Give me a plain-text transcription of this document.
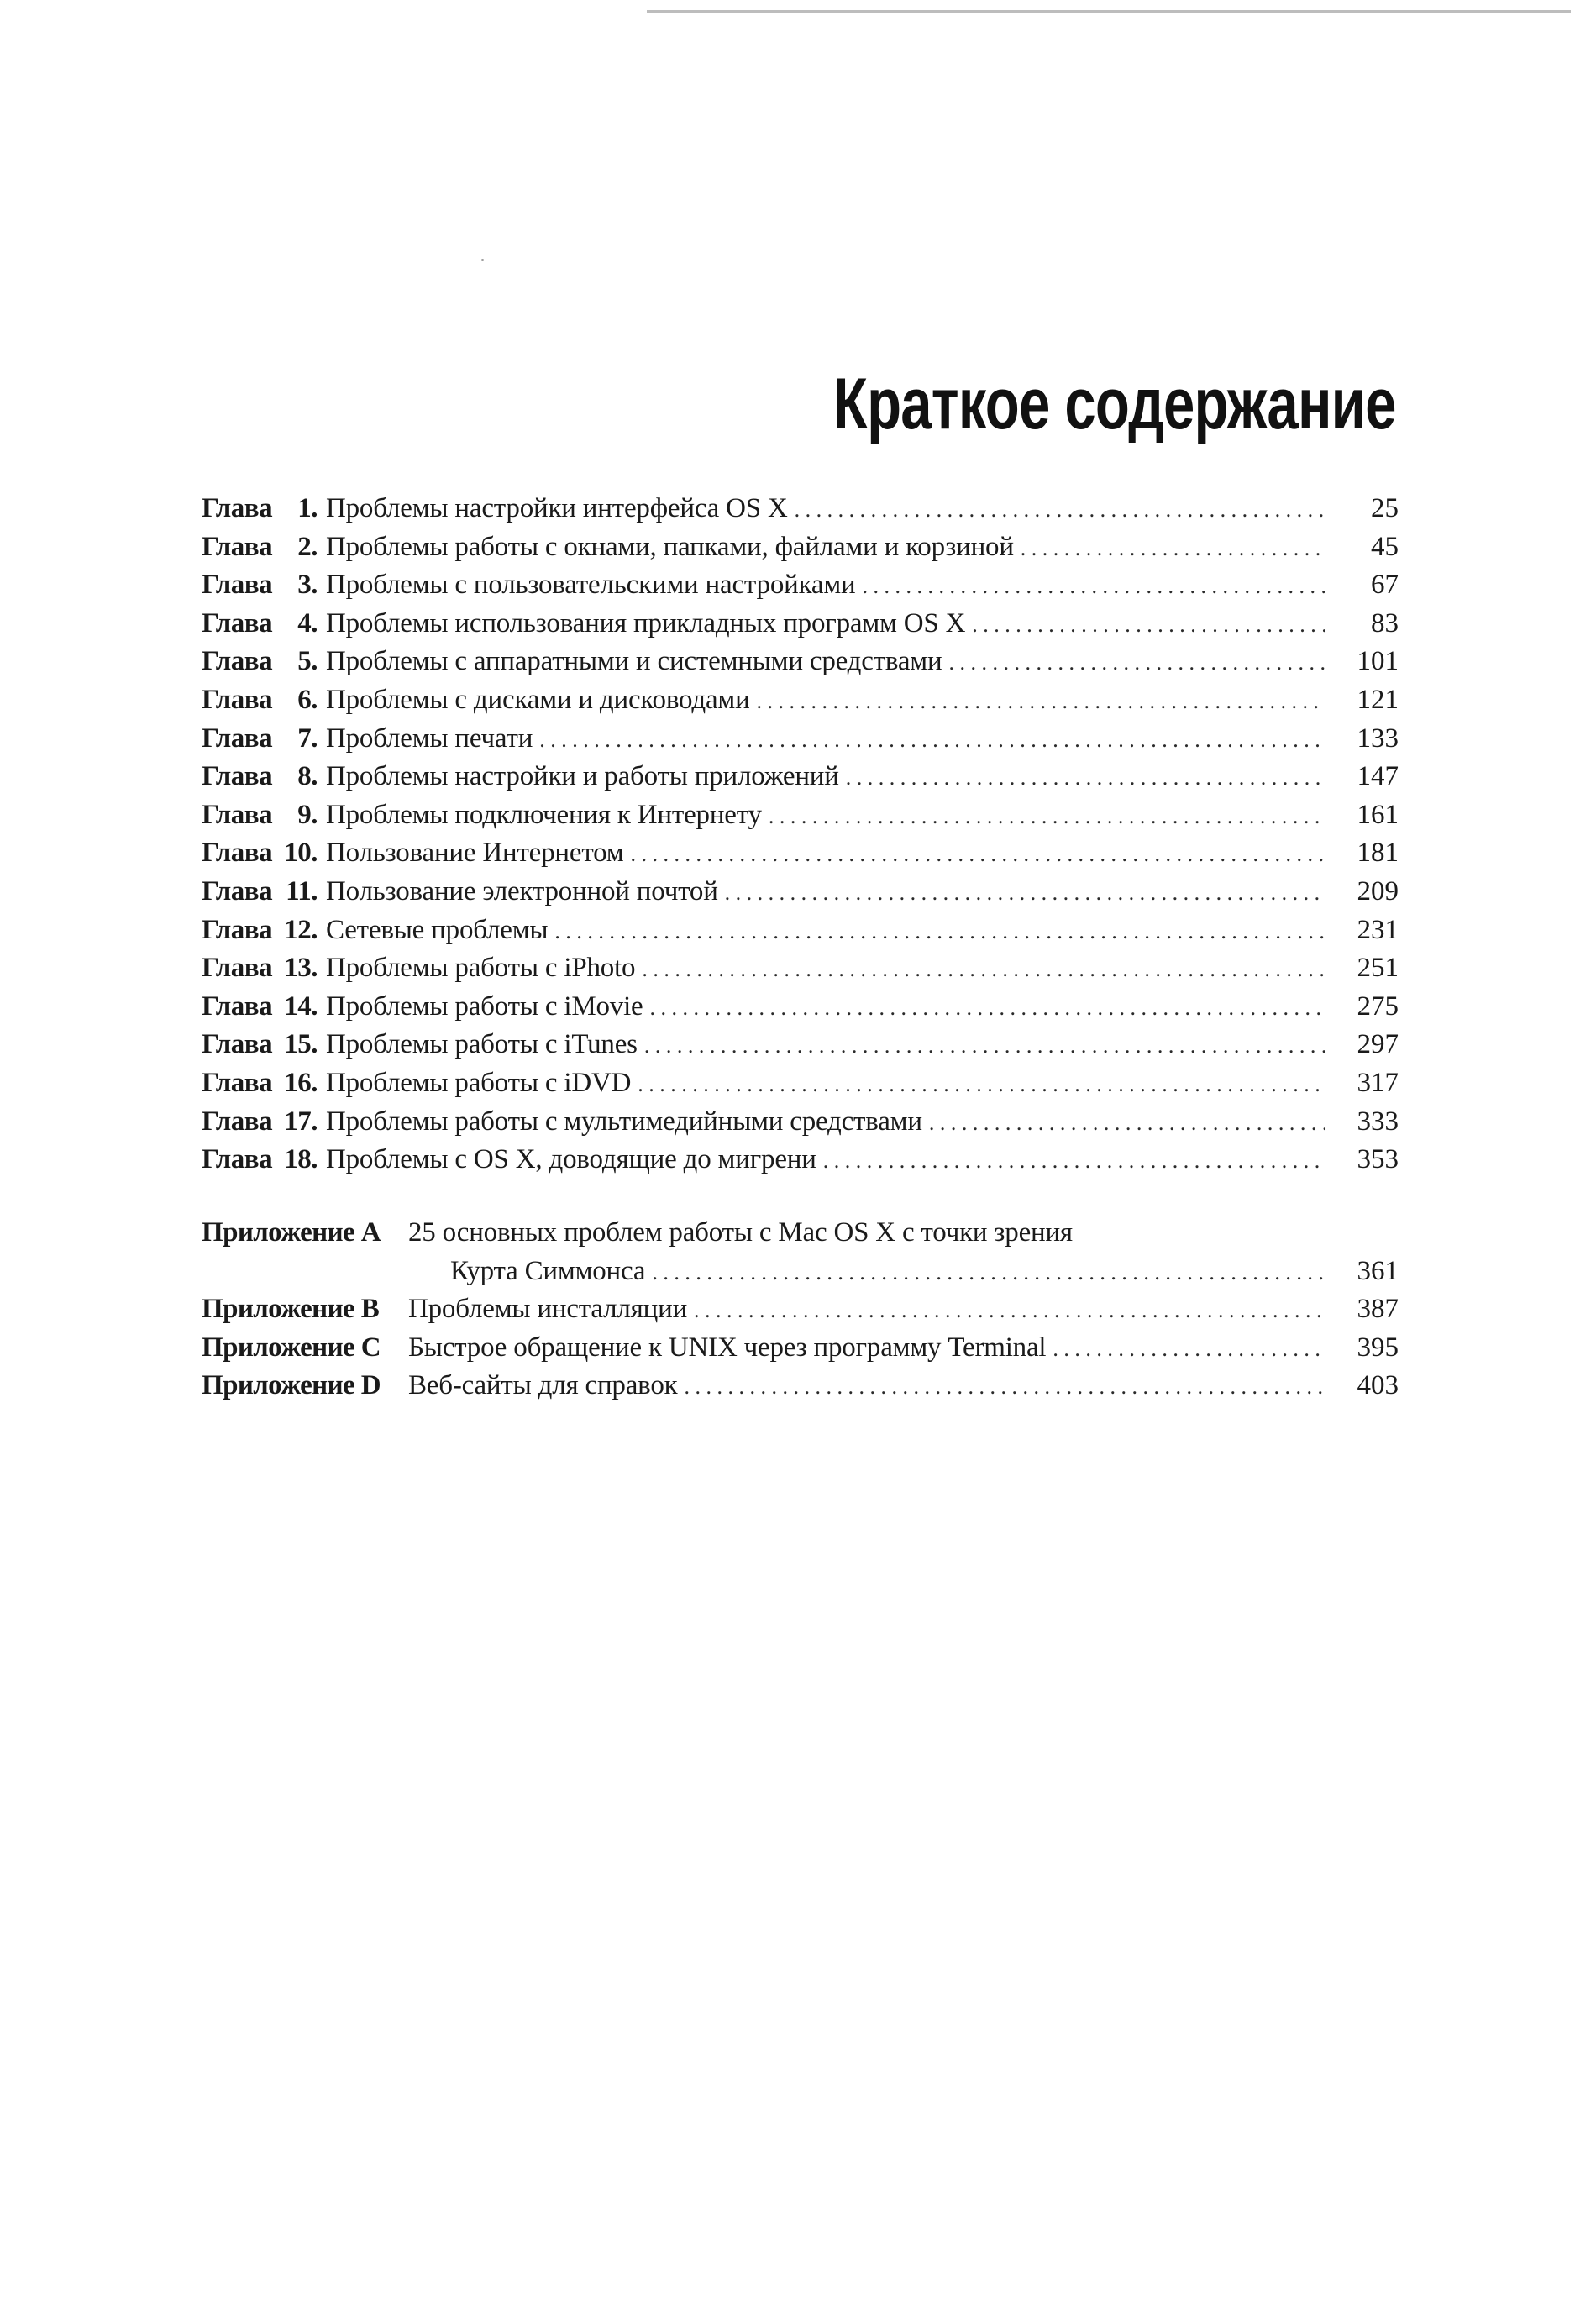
Краткое содержание
Глава 1. Проблемы настройки интерфейса OS X . . .	25
Глава 2. Проблемы работы с окнами, папками, файлами и корзиной . . .	45
Глава 3. Проблемы с пользовательскими настройками . . .	67
Глава 4. Проблемы использования прикладных программ OS X . . .	83
Глава 5. Проблемы с аппаратными и системными средствами . . .	101
Глава 6. Проблемы с дисками и дисководами . . .	121
Глава 7. Проблемы печати . . .	133
Глава 8. Проблемы настройки и работы приложений . . .	147
Глава 9. Проблемы подключения к Интернету . . .	161
Глава 10. Пользование Интернетом . . .	181
Глава 11. Пользование электронной почтой . . .	209
Глава 12. Сетевые проблемы . . .	231
Глава 13. Проблемы работы с iPhoto . . .	251
Глава 14. Проблемы работы с iMovie . . .	275
Глава 15. Проблемы работы с iTunes . . .	297
Глава 16. Проблемы работы с iDVD . . .	317
Глава 17. Проблемы работы с мультимедийными средствами . . .	333
Глава 18. Проблемы с OS X, доводящие до мигрени . . .	353
Приложение A	25 основных проблем работы с Mac OS X с точки зрения
Курта Симмонса . . .	361
Приложение B	Проблемы инсталляции . . .	387
Приложение C	Быстрое обращение к UNIX через программу Terminal . . .	395
Приложение D	Веб-сайты для справок . . .	403
